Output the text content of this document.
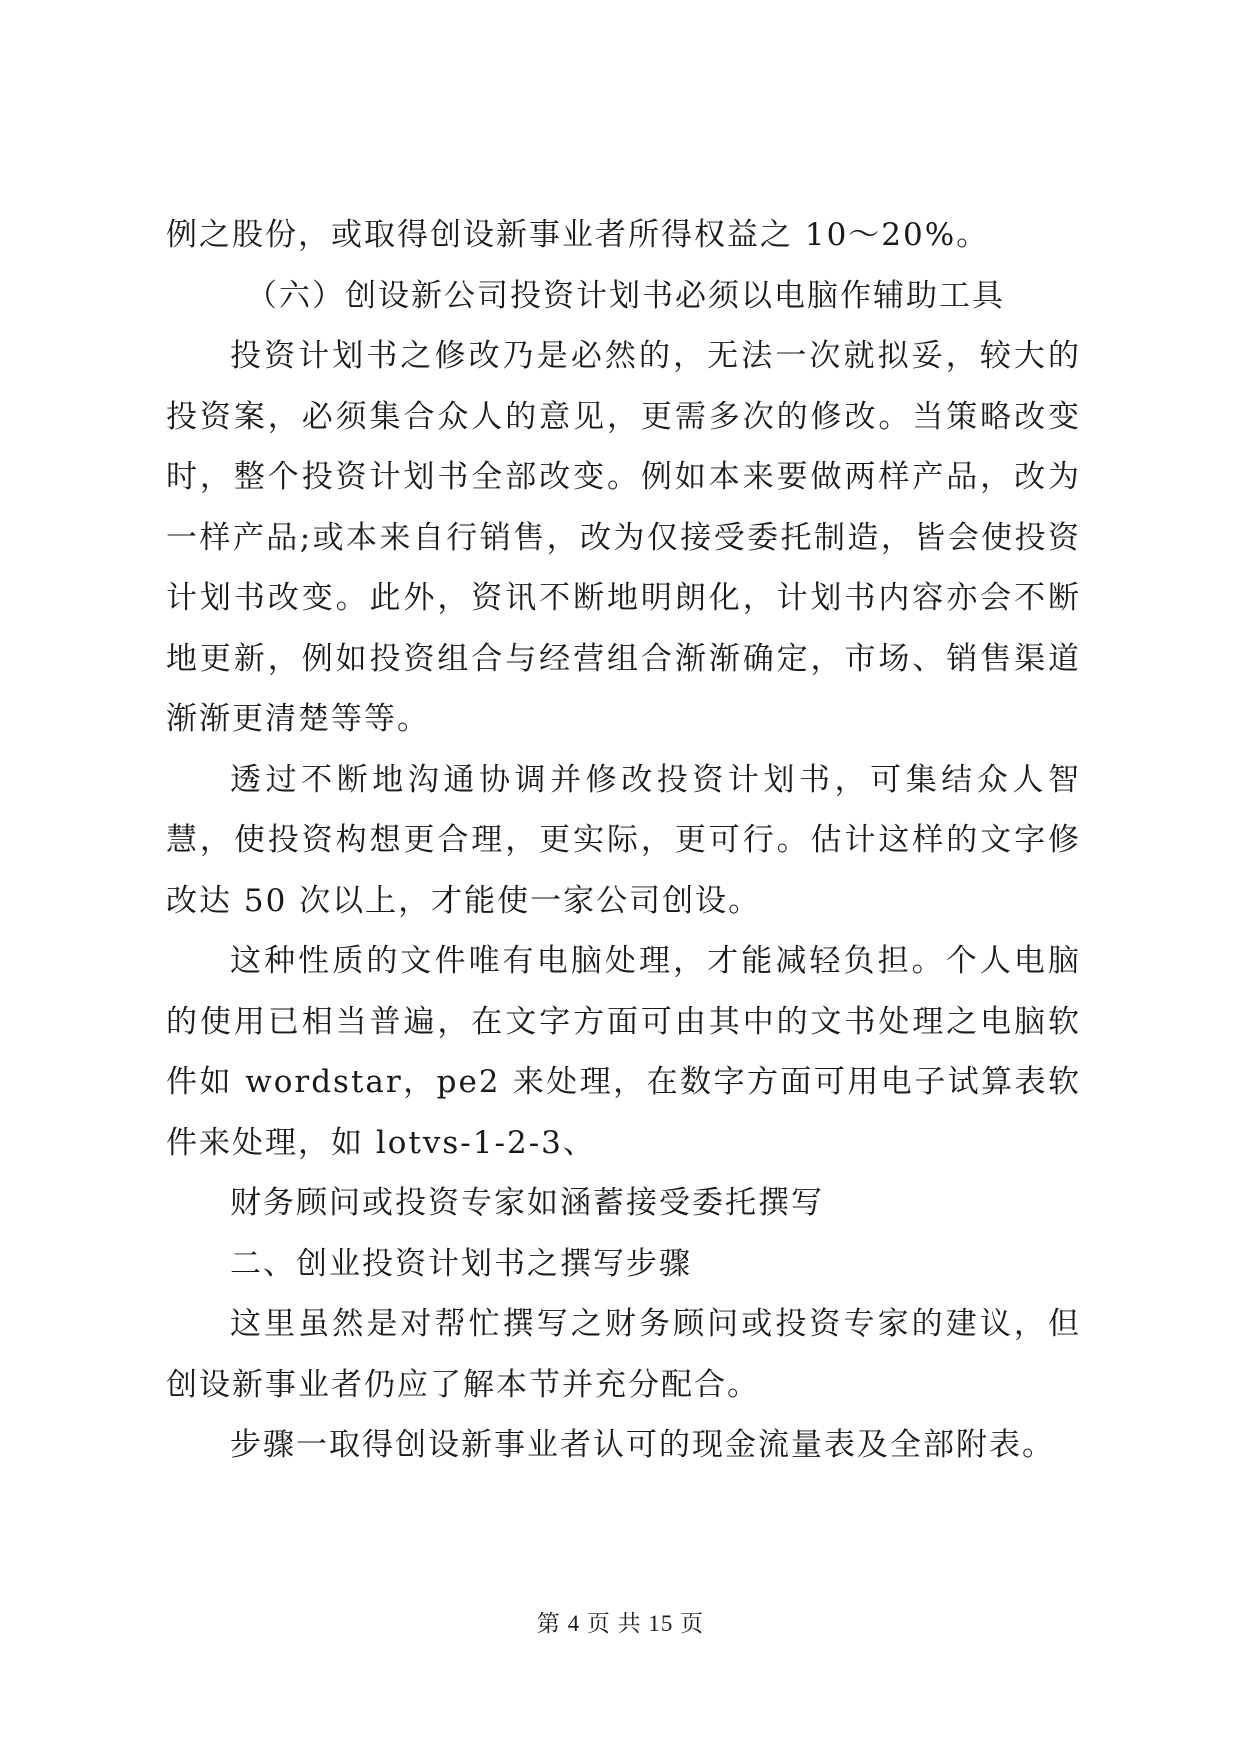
例之股份，或取得创设新事业者所得权益之 10～20%。

（六）创设新公司投资计划书必须以电脑作辅助工具

投资计划书之修改乃是必然的，无法一次就拟妥，较大的投资案，必须集合众人的意见，更需多次的修改。当策略改变时，整个投资计划书全部改变。例如本来要做两样产品，改为一样产品;或本来自行销售，改为仅接受委托制造，皆会使投资计划书改变。此外，资讯不断地明朗化，计划书内容亦会不断地更新，例如投资组合与经营组合渐渐确定，市场、销售渠道渐渐更清楚等等。

透过不断地沟通协调并修改投资计划书，可集结众人智慧，使投资构想更合理，更实际，更可行。估计这样的文字修改达 50 次以上，才能使一家公司创设。

这种性质的文件唯有电脑处理，才能减轻负担。个人电脑的使用已相当普遍，在文字方面可由其中的文书处理之电脑软件如 wordstar，pe2 来处理，在数字方面可用电子试算表软件来处理，如 lotvs-1-2-3、

财务顾问或投资专家如涵蓄接受委托撰写

二、创业投资计划书之撰写步骤

这里虽然是对帮忙撰写之财务顾问或投资专家的建议，但创设新事业者仍应了解本节并充分配合。

步骤一取得创设新事业者认可的现金流量表及全部附表。

第 4 页 共 15 页
